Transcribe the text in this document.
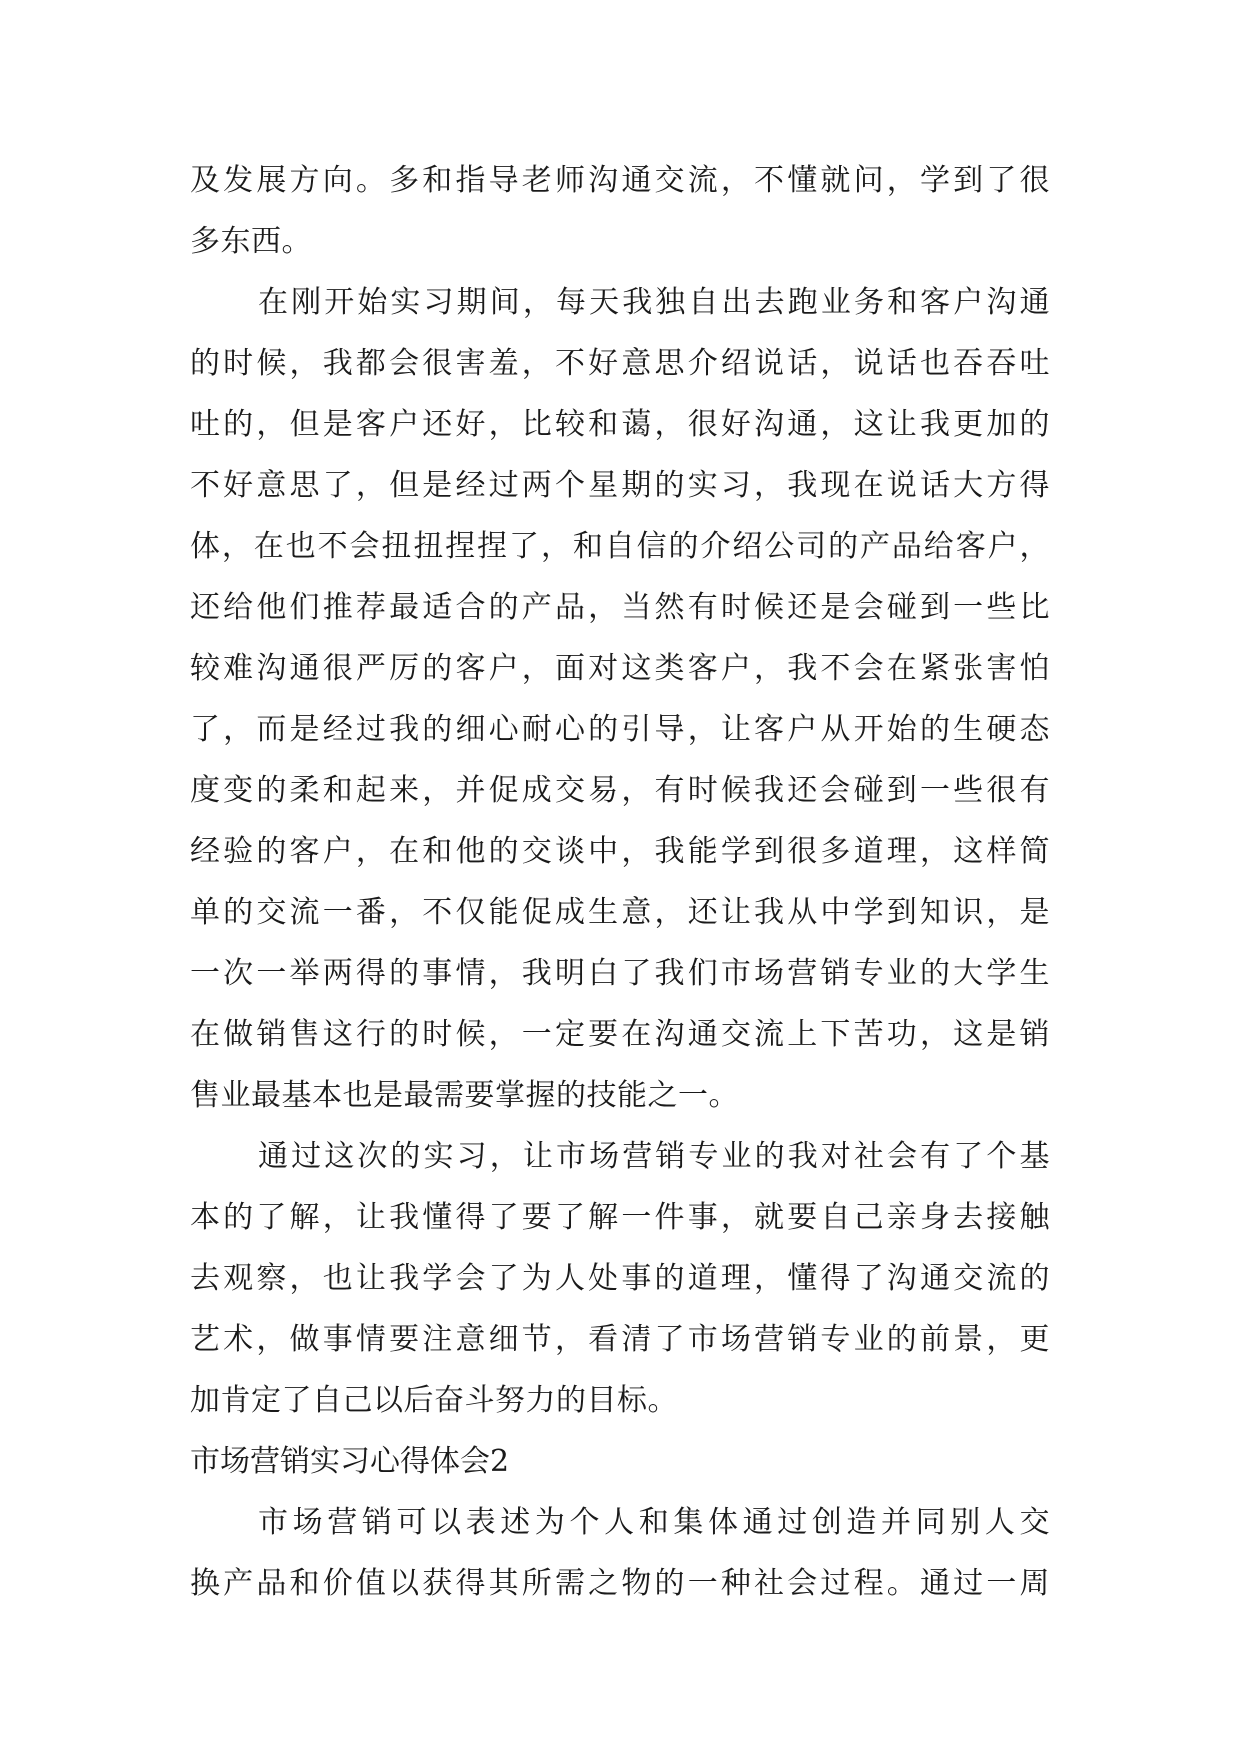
及发展方向。多和指导老师沟通交流，不懂就问，学到了很
多东西。
在刚开始实习期间，每天我独自出去跑业务和客户沟通
的时候，我都会很害羞，不好意思介绍说话，说话也吞吞吐
吐的，但是客户还好，比较和蔼，很好沟通，这让我更加的
不好意思了，但是经过两个星期的实习，我现在说话大方得
体，在也不会扭扭捏捏了，和自信的介绍公司的产品给客户，
还给他们推荐最适合的产品，当然有时候还是会碰到一些比
较难沟通很严厉的客户，面对这类客户，我不会在紧张害怕
了，而是经过我的细心耐心的引导，让客户从开始的生硬态
度变的柔和起来，并促成交易，有时候我还会碰到一些很有
经验的客户，在和他的交谈中，我能学到很多道理，这样简
单的交流一番，不仅能促成生意，还让我从中学到知识，是
一次一举两得的事情，我明白了我们市场营销专业的大学生
在做销售这行的时候，一定要在沟通交流上下苦功，这是销
售业最基本也是最需要掌握的技能之一。
通过这次的实习，让市场营销专业的我对社会有了个基
本的了解，让我懂得了要了解一件事，就要自己亲身去接触
去观察，也让我学会了为人处事的道理，懂得了沟通交流的
艺术，做事情要注意细节，看清了市场营销专业的前景，更
加肯定了自己以后奋斗努力的目标。
市场营销实习心得体会2
市场营销可以表述为个人和集体通过创造并同别人交
换产品和价值以获得其所需之物的一种社会过程。通过一周
